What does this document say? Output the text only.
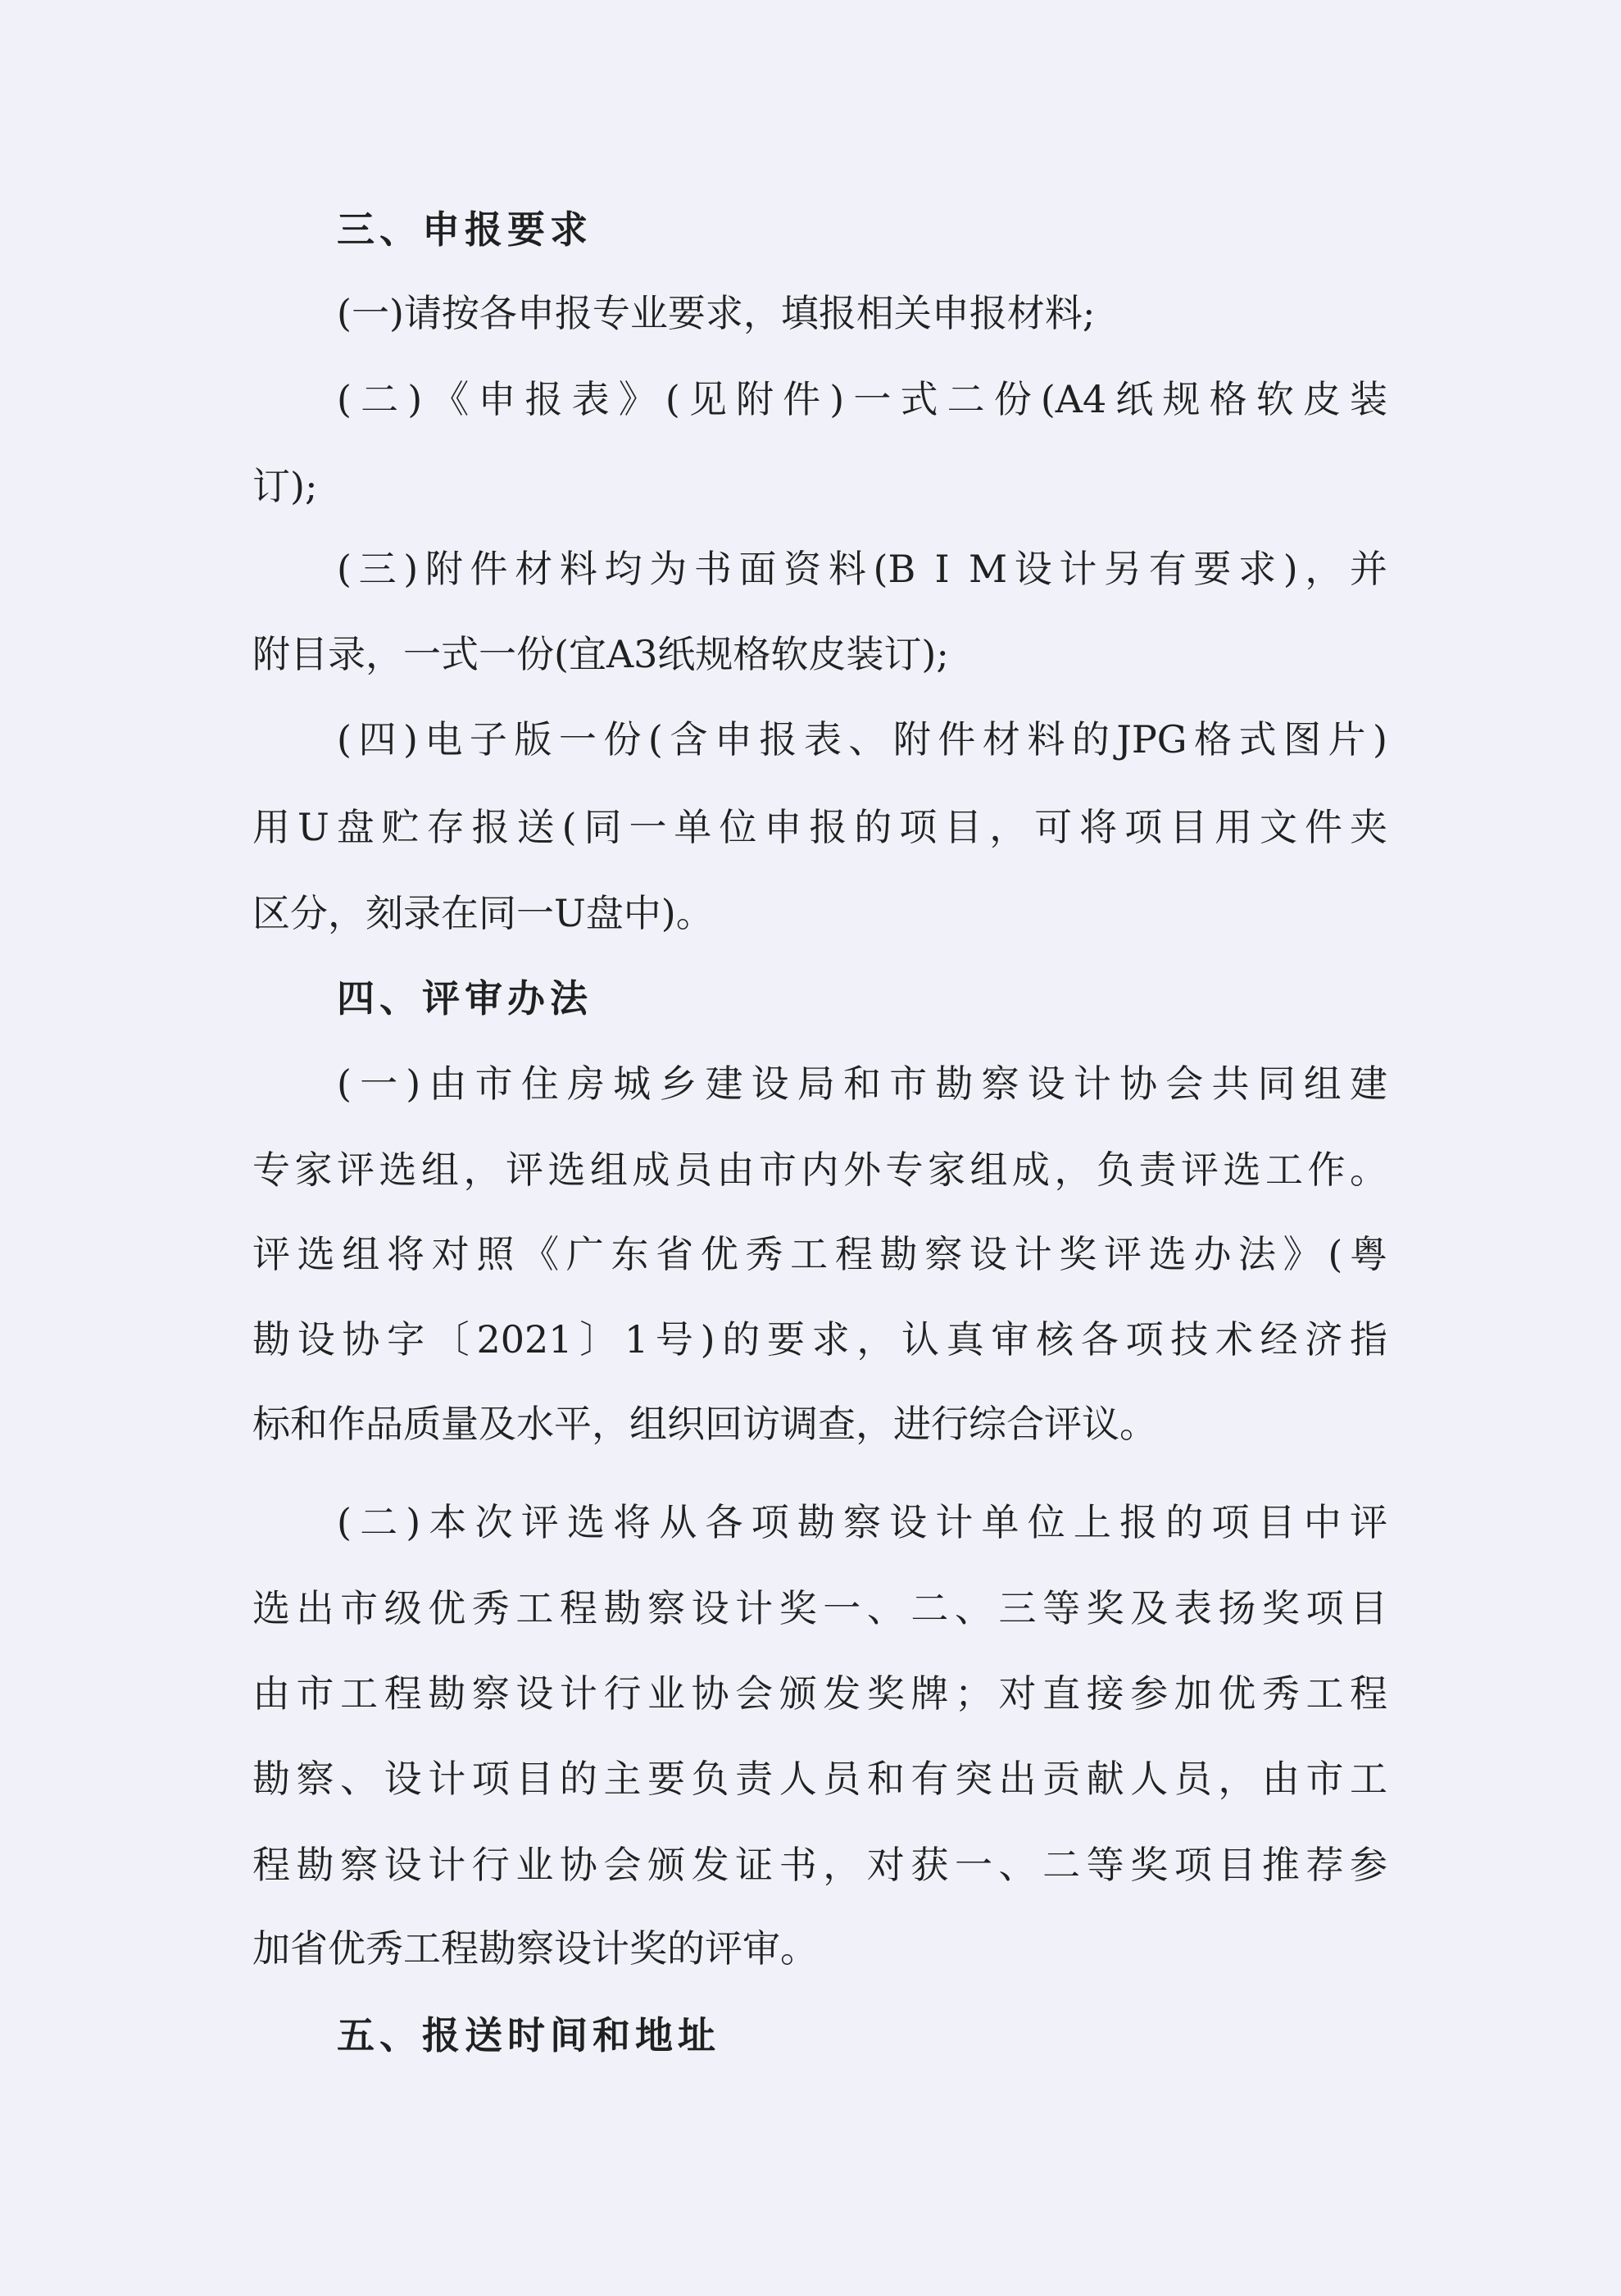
三、申报要求
(一)请按各申报专业要求，填报相关申报材料;
(二)《申报表》(见附件)一式二份(A4纸规格软皮装
订);
(三)附件材料均为书面资料(B I M设计另有要求)，并
附目录，一式一份(宜A3纸规格软皮装订);
(四)电子版一份(含申报表、附件材料的JPG格式图片)
用U盘贮存报送(同一单位申报的项目，可将项目用文件夹
区分，刻录在同一U盘中)。
四、评审办法
(一)由市住房城乡建设局和市勘察设计协会共同组建
专家评选组，评选组成员由市内外专家组成，负责评选工作。
评选组将对照《广东省优秀工程勘察设计奖评选办法》(粤
勘设协字〔2021〕1号)的要求，认真审核各项技术经济指
标和作品质量及水平，组织回访调查，进行综合评议。
(二)本次评选将从各项勘察设计单位上报的项目中评
选出市级优秀工程勘察设计奖一、二、三等奖及表扬奖项目
由市工程勘察设计行业协会颁发奖牌；对直接参加优秀工程
勘察、设计项目的主要负责人员和有突出贡献人员，由市工
程勘察设计行业协会颁发证书，对获一、二等奖项目推荐参
加省优秀工程勘察设计奖的评审。
五、报送时间和地址
